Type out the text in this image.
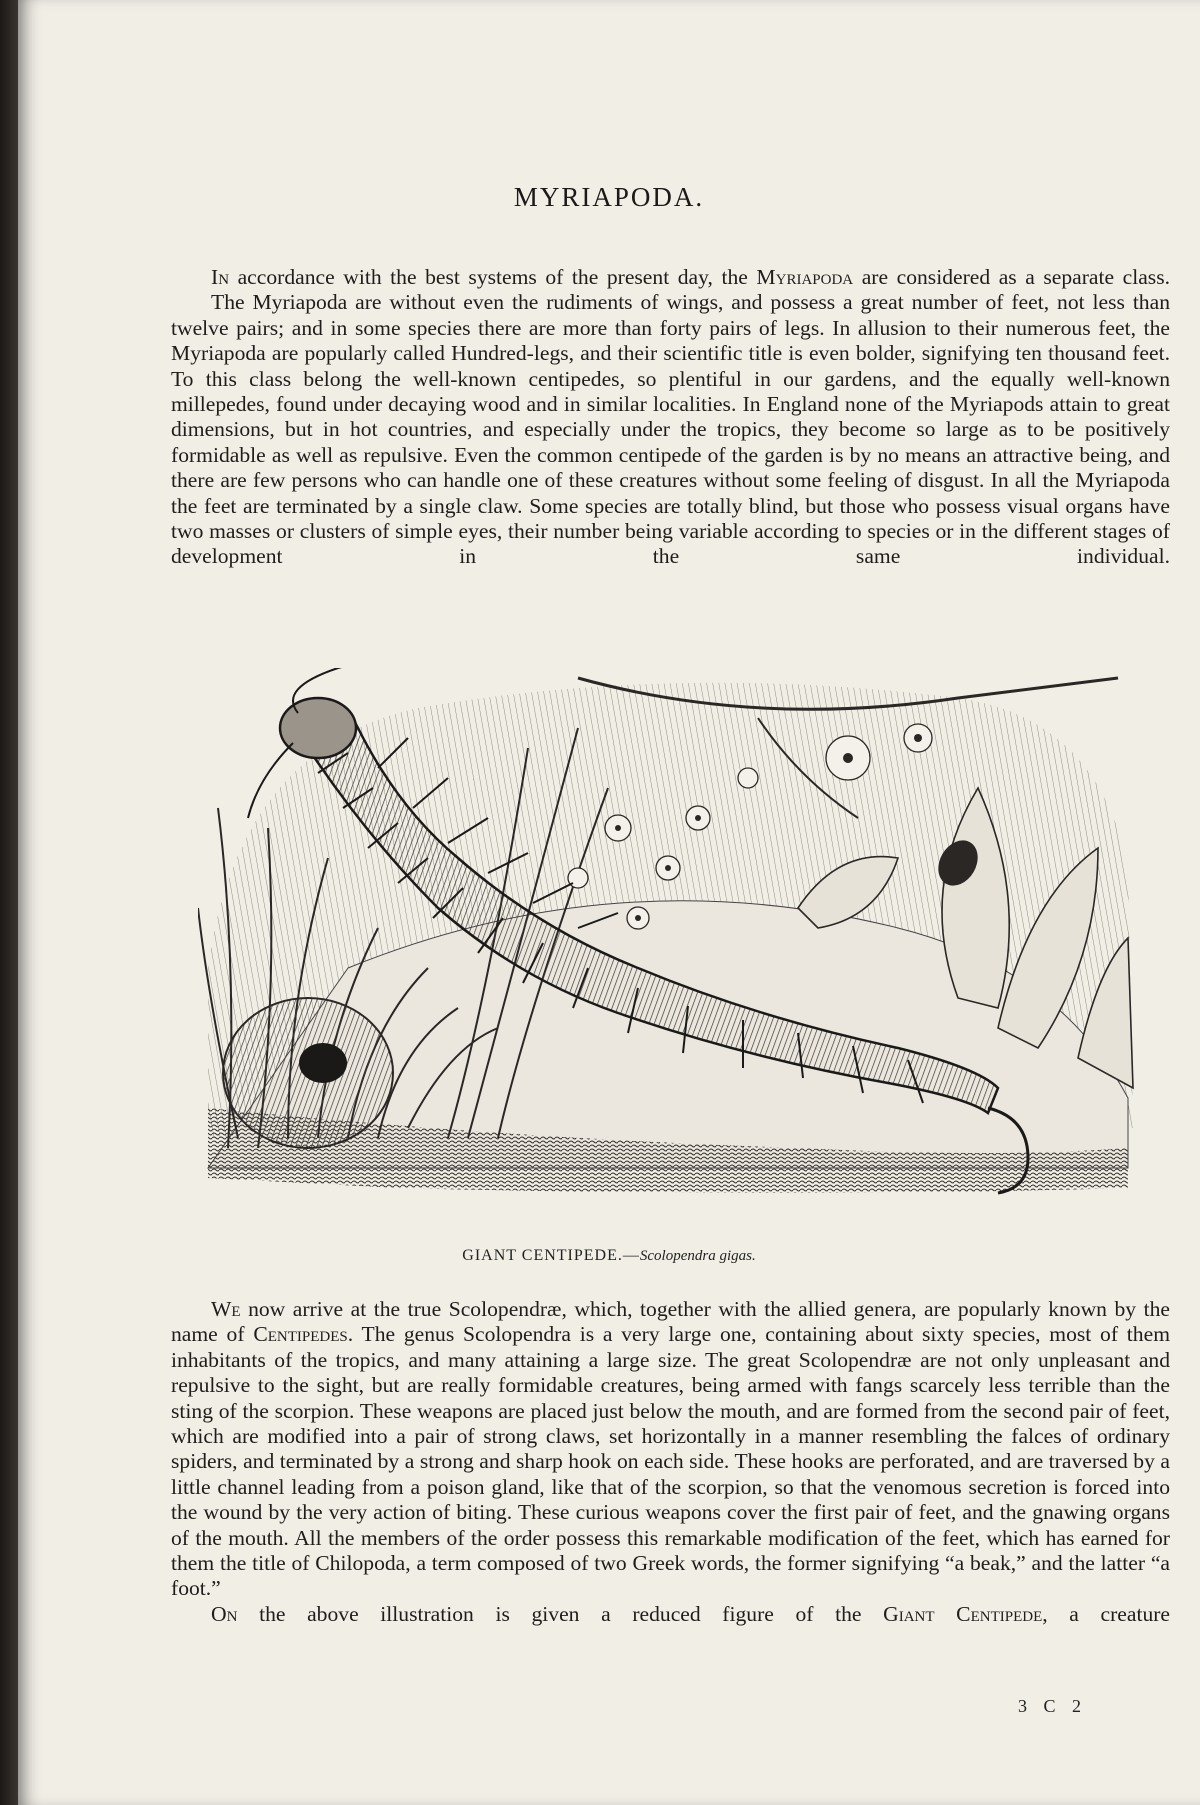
MYRIAPODA.

In accordance with the best systems of the present day, the Myriapoda are considered as a separate class.

The Myriapoda are without even the rudiments of wings, and possess a great number of feet, not less than twelve pairs; and in some species there are more than forty pairs of legs. In allusion to their numerous feet, the Myriapoda are popularly called Hundred-legs, and their scientific title is even bolder, signifying ten thousand feet. To this class belong the well-known centipedes, so plentiful in our gardens, and the equally well-known millepedes, found under decaying wood and in similar localities. In England none of the Myriapods attain to great dimensions, but in hot countries, and especially under the tropics, they become so large as to be positively formidable as well as repulsive. Even the common centipede of the garden is by no means an attractive being, and there are few persons who can handle one of these creatures without some feeling of disgust. In all the Myriapoda the feet are terminated by a single claw. Some species are totally blind, but those who possess visual organs have two masses or clusters of simple eyes, their number being variable according to species or in the different stages of development in the same individual.

GIANT CENTIPEDE.—Scolopendra gigas.

We now arrive at the true Scolopendræ, which, together with the allied genera, are popularly known by the name of Centipedes. The genus Scolopendra is a very large one, containing about sixty species, most of them inhabitants of the tropics, and many attaining a large size. The great Scolopendræ are not only unpleasant and repulsive to the sight, but are really formidable creatures, being armed with fangs scarcely less terrible than the sting of the scorpion. These weapons are placed just below the mouth, and are formed from the second pair of feet, which are modified into a pair of strong claws, set horizontally in a manner resembling the falces of ordinary spiders, and terminated by a strong and sharp hook on each side. These hooks are perforated, and are traversed by a little channel leading from a poison gland, like that of the scorpion, so that the venomous secretion is forced into the wound by the very action of biting. These curious weapons cover the first pair of feet, and the gnawing organs of the mouth. All the members of the order possess this remarkable modification of the feet, which has earned for them the title of Chilopoda, a term composed of two Greek words, the former signifying “a beak,” and the latter “a foot.”

On the above illustration is given a reduced figure of the Giant Centipede, a creature

3 C 2
